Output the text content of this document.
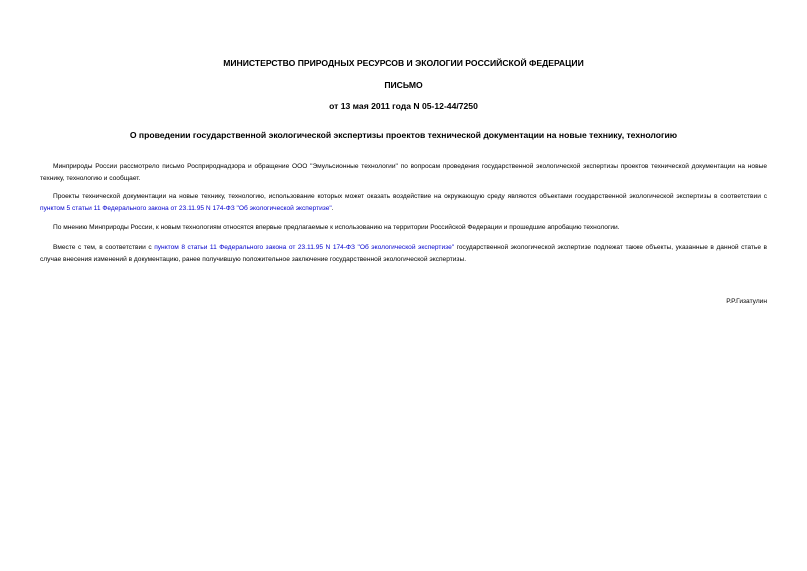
МИНИСТЕРСТВО ПРИРОДНЫХ РЕСУРСОВ И ЭКОЛОГИИ РОССИЙСКОЙ ФЕДЕРАЦИИ
ПИСЬМО
от 13 мая 2011 года N 05-12-44/7250
О проведении государственной экологической экспертизы проектов технической документации на новые технику, технологию

Минприроды России рассмотрело письмо Росприроднадзора и обращение ООО "Эмульсионные технологии" по вопросам проведения государственной экологической экспертизы проектов технической документации на новые технику, технологию и сообщает.

Проекты технической документации на новые технику, технологию, использование которых может оказать воздействие на окружающую среду являются объектами государственной экологической экспертизы в соответствии с пунктом 5 статьи 11 Федерального закона от 23.11.95 N 174-ФЗ "Об экологической экспертизе".

По мнению Минприроды России, к новым технологиям относятся впервые предлагаемые к использованию на территории Российской Федерации и прошедшие апробацию технологии.

Вместе с тем, в соответствии с пунктом 8 статьи 11 Федерального закона от 23.11.95 N 174-ФЗ "Об экологической экспертизе" государственной экологической экспертизе подлежат также объекты, указанные в данной статье в случае внесения изменений в документацию, ранее получившую положительное заключение государственной экологической экспертизы.

Р.Р.Гизатулин
